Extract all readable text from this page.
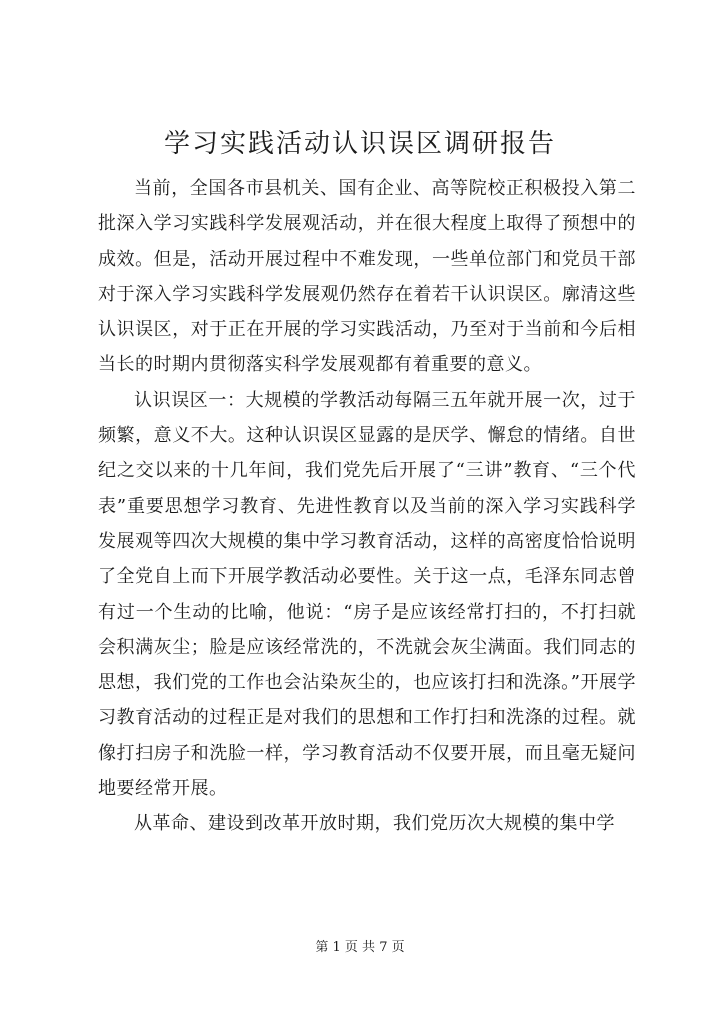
学习实践活动认识误区调研报告

当前，全国各市县机关、国有企业、高等院校正积极投入第二批深入学习实践科学发展观活动，并在很大程度上取得了预想中的成效。但是，活动开展过程中不难发现，一些单位部门和党员干部对于深入学习实践科学发展观仍然存在着若干认识误区。廓清这些认识误区，对于正在开展的学习实践活动，乃至对于当前和今后相当长的时期内贯彻落实科学发展观都有着重要的意义。

认识误区一：大规模的学教活动每隔三五年就开展一次，过于频繁，意义不大。这种认识误区显露的是厌学、懈怠的情绪。自世纪之交以来的十几年间，我们党先后开展了“三讲”教育、“三个代表”重要思想学习教育、先进性教育以及当前的深入学习实践科学发展观等四次大规模的集中学习教育活动，这样的高密度恰恰说明了全党自上而下开展学教活动必要性。关于这一点，毛泽东同志曾有过一个生动的比喻，他说：“房子是应该经常打扫的，不打扫就会积满灰尘；脸是应该经常洗的，不洗就会灰尘满面。我们同志的思想，我们党的工作也会沾染灰尘的，也应该打扫和洗涤。”开展学习教育活动的过程正是对我们的思想和工作打扫和洗涤的过程。就像打扫房子和洗脸一样，学习教育活动不仅要开展，而且毫无疑问地要经常开展。

从革命、建设到改革开放时期，我们党历次大规模的集中学

第 1 页 共 7 页
